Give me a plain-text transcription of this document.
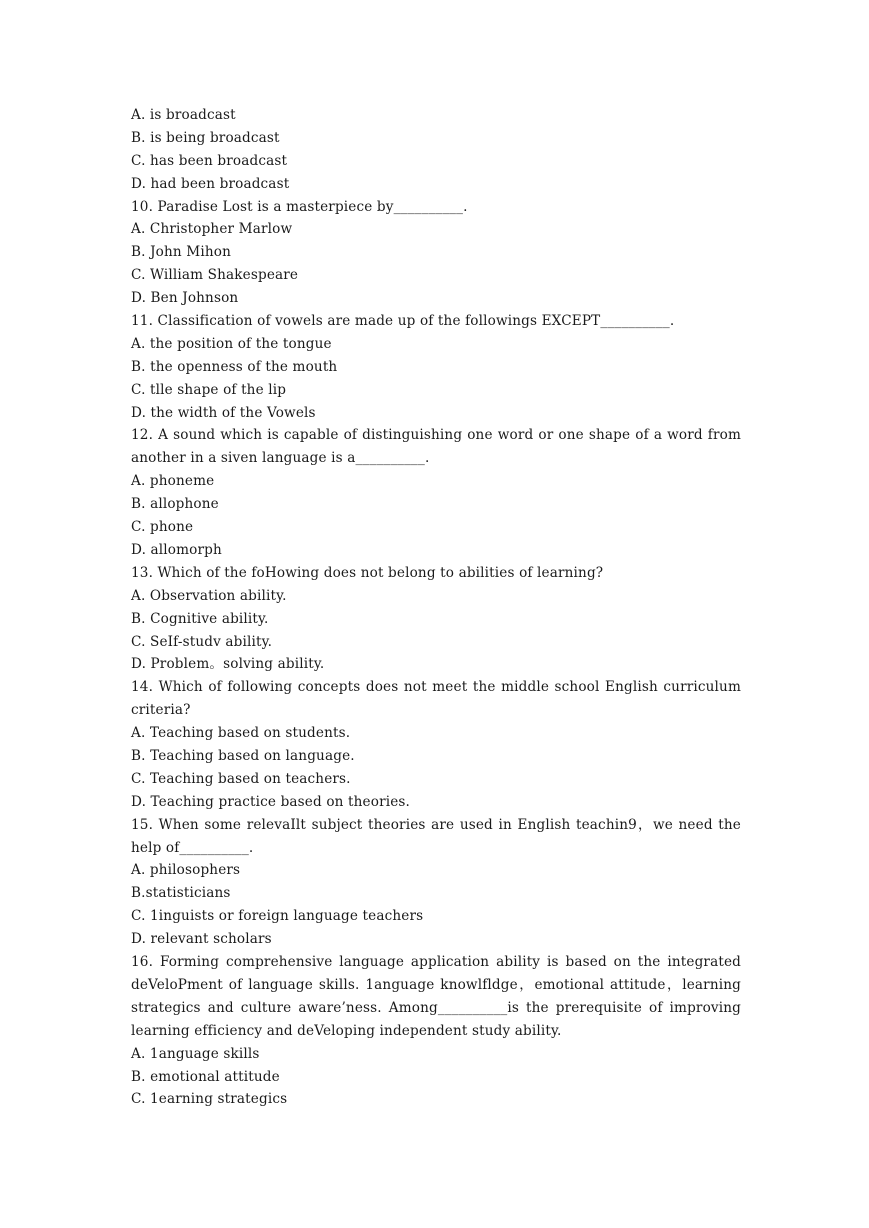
A. is broadcast
B. is being broadcast
C. has been broadcast
D. had been broadcast
10. Paradise Lost is a masterpiece by__________.
A. Christopher Marlow
B. John Mihon
C. William Shakespeare
D. Ben Johnson
11. Classification of vowels are made up of the followings EXCEPT__________.
A. the position of the tongue
B. the openness of the mouth
C. tlle shape of the lip
D. the width of the Vowels
12. A sound which is capable of distinguishing one word or one shape of a word from another in a siven language is a__________.
A. phoneme
B. allophone
C. phone
D. allomorph
13. Which of the foHowing does not belong to abilities of learning?
A. Observation ability.
B. Cognitive ability.
C. SeIf-studv ability.
D. Problem。solving ability.
14. Which of following concepts does not meet the middle school English curriculum criteria?
A. Teaching based on students.
B. Teaching based on language.
C. Teaching based on teachers.
D. Teaching practice based on theories.
15. When some relevaIlt subject theories are used in English teachin9，we need the help of__________.
A. philosophers
B.statisticians
C. 1inguists or foreign language teachers
D. relevant scholars
16. Forming comprehensive language application ability is based on the integrated deVeloPment of language skills. 1anguage knowlfldge，emotional attitude，learning strategics and culture aware’ness. Among__________is the prerequisite of improving learning efficiency and deVeloping independent study ability.
A. 1anguage skills
B. emotional attitude
C. 1earning strategics
